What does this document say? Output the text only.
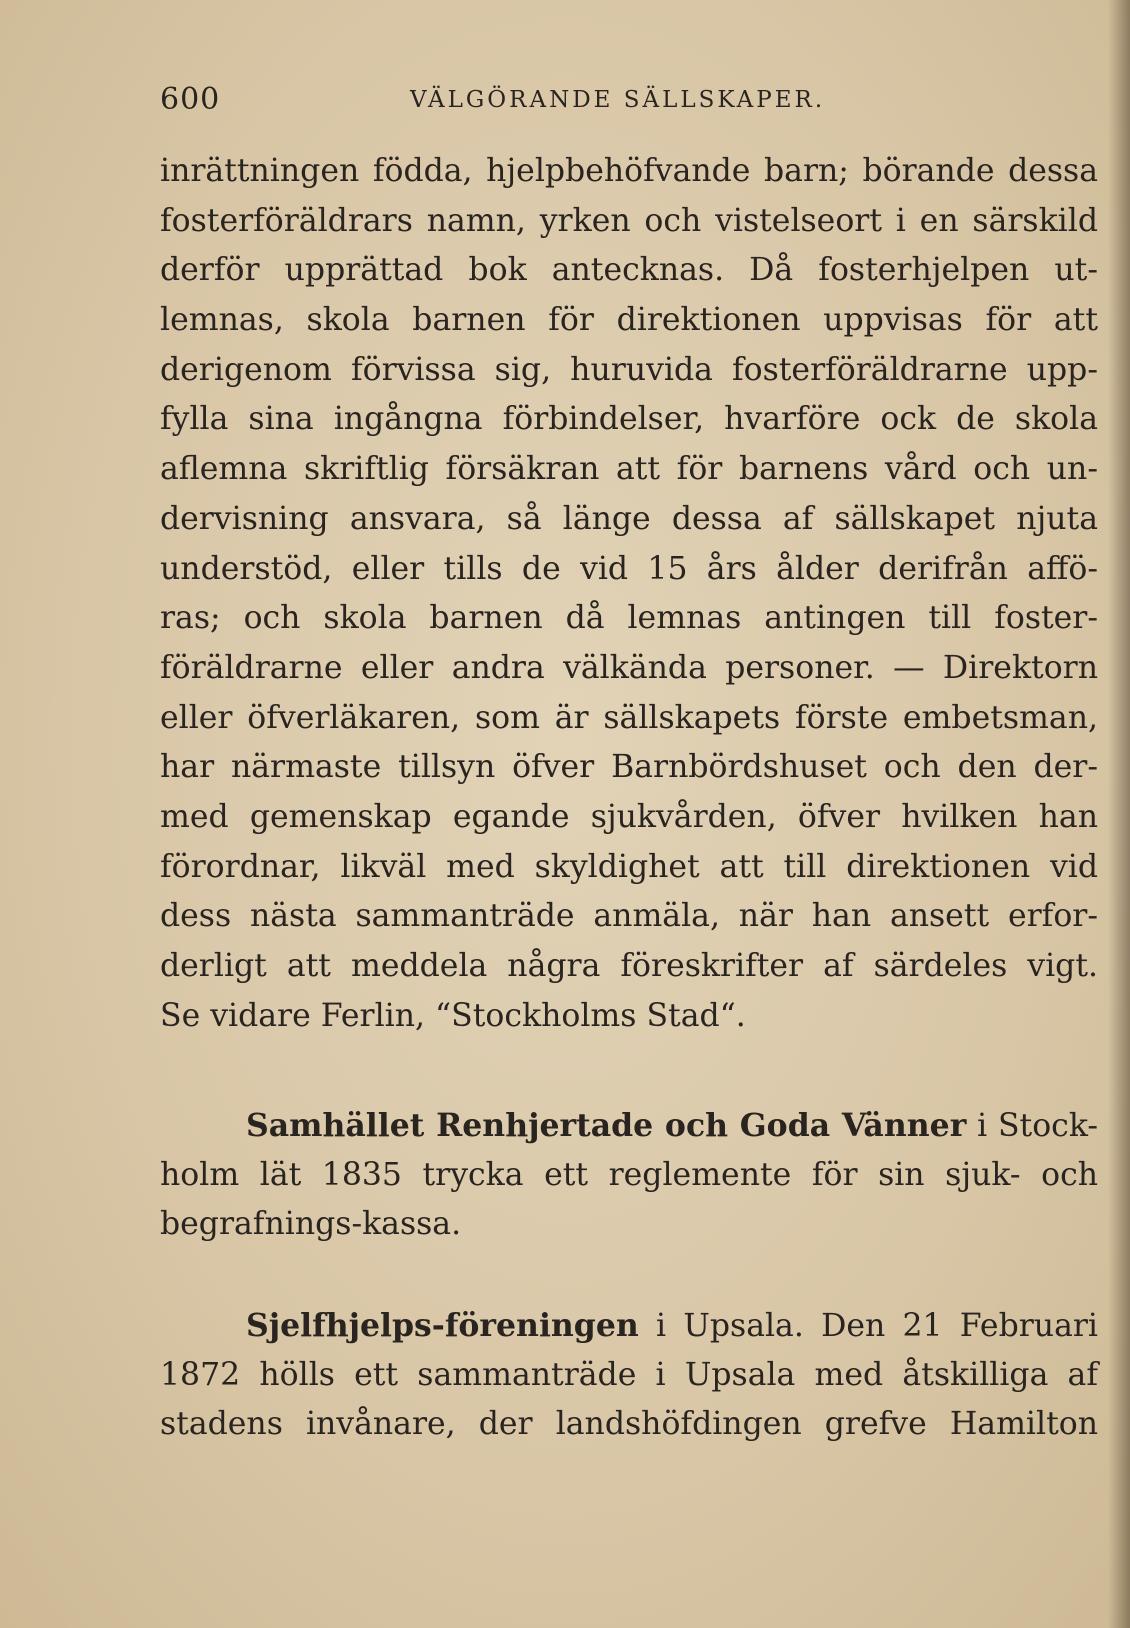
600	VÄLGÖRANDE SÄLLSKAPER.
inrättningen födda, hjelpbehöfvande barn; börande dessa
fosterföräldrars namn, yrken och vistelseort i en särskild
derför upprättad bok antecknas. Då fosterhjelpen ut-
lemnas, skola barnen för direktionen uppvisas för att
derigenom förvissa sig, huruvida fosterföräldrarne upp-
fylla sina ingångna förbindelser, hvarföre ock de skola
aflemna skriftlig försäkran att för barnens vård och un-
dervisning ansvara, så länge dessa af sällskapet njuta
understöd, eller tills de vid 15 års ålder derifrån affö-
ras; och skola barnen då lemnas antingen till foster-
föräldrarne eller andra välkända personer. — Direktorn
eller öfverläkaren, som är sällskapets förste embetsman,
har närmaste tillsyn öfver Barnbördshuset och den der-
med gemenskap egande sjukvården, öfver hvilken han
förordnar, likväl med skyldighet att till direktionen vid
dess nästa sammanträde anmäla, när han ansett erfor-
derligt att meddela några föreskrifter af särdeles vigt.
Se vidare Ferlin, “Stockholms Stad“.
Samhället Renhjertade och Goda Vänner i Stock-
holm lät 1835 trycka ett reglemente för sin sjuk- och
begrafnings-kassa.
Sjelfhjelps-föreningen i Upsala. Den 21 Februari
1872 hölls ett sammanträde i Upsala med åtskilliga af
stadens invånare, der landshöfdingen grefve Hamilton
